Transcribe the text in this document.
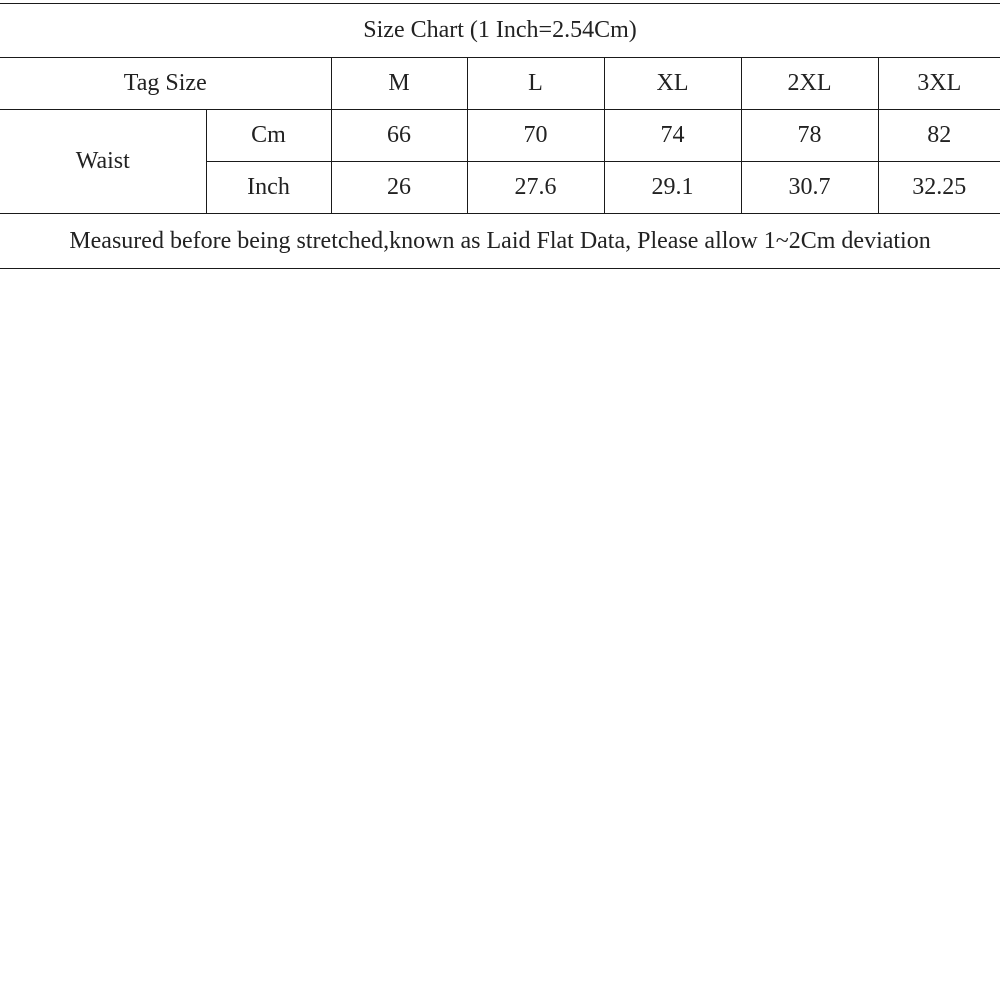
Size Chart (1 Inch=2.54Cm)						
Tag Size		M	L	XL	2XL	3XL
Waist	Cm	66	70	74	78	82
	Inch	26	27.6	29.1	30.7	32.25
Measured before being stretched,known as Laid Flat Data, Please allow 1~2Cm deviation						
